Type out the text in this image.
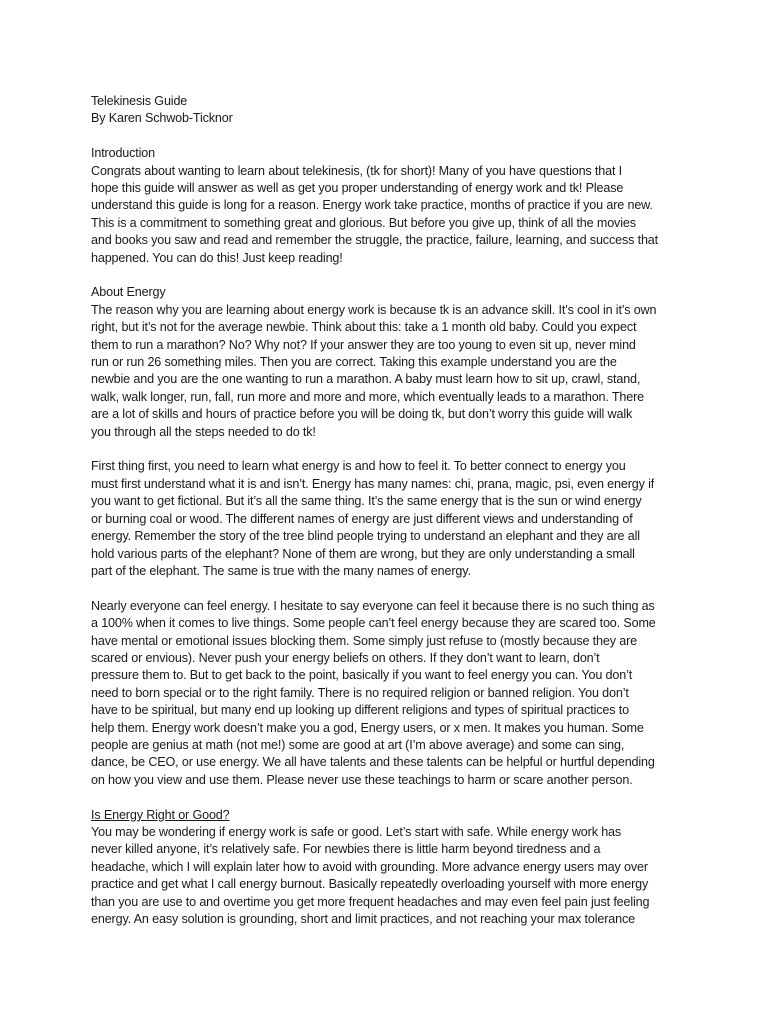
Telekinesis Guide

By Karen Schwob-Ticknor

Introduction

Congrats about wanting to learn about telekinesis, (tk for short)! Many of you have questions that I

hope this guide will answer as well as get you proper understanding of energy work and tk! Please

understand this guide is long for a reason. Energy work take practice, months of practice if you are new.

This is a commitment to something great and glorious. But before you give up, think of all the movies

and books you saw and read and remember the struggle, the practice, failure, learning, and success that

happened. You can do this! Just keep reading!

About Energy

The reason why you are learning about energy work is because tk is an advance skill. It’s cool in it’s own

right, but it’s not for the average newbie. Think about this: take a 1 month old baby. Could you expect

them to run a marathon? No? Why not? If your answer they are too young to even sit up, never mind

run or run 26 something miles. Then you are correct. Taking this example understand you are the

newbie and you are the one wanting to run a marathon. A baby must learn how to sit up, crawl, stand,

walk, walk longer, run, fall, run more and more and more, which eventually leads to a marathon. There

are a lot of skills and hours of practice before you will be doing tk, but don’t worry this guide will walk

you through all the steps needed to do tk!

First thing first, you need to learn what energy is and how to feel it. To better connect to energy you

must first understand what it is and isn’t. Energy has many names: chi, prana, magic, psi, even energy if

you want to get fictional. But it’s all the same thing. It’s the same energy that is the sun or wind energy

or burning coal or wood. The different names of energy are just different views and understanding of

energy. Remember the story of the tree blind people trying to understand an elephant and they are all

hold various parts of the elephant? None of them are wrong, but they are only understanding a small

part of the elephant. The same is true with the many names of energy.

Nearly everyone can feel energy. I hesitate to say everyone can feel it because there is no such thing as

a 100% when it comes to live things. Some people can’t feel energy because they are scared too. Some

have mental or emotional issues blocking them. Some simply just refuse to (mostly because they are

scared or envious). Never push your energy beliefs on others. If they don’t want to learn, don’t

pressure them to. But to get back to the point, basically if you want to feel energy you can. You don’t

need to born special or to the right family. There is no required religion or banned religion. You don’t

have to be spiritual, but many end up looking up different religions and types of spiritual practices to

help them. Energy work doesn’t make you a god, Energy users, or x men. It makes you human. Some

people are genius at math (not me!) some are good at art (I’m above average) and some can sing,

dance, be CEO, or use energy. We all have talents and these talents can be helpful or hurtful depending

on how you view and use them. Please never use these teachings to harm or scare another person.

Is Energy Right or Good?

You may be wondering if energy work is safe or good. Let’s start with safe. While energy work has

never killed anyone, it’s relatively safe. For newbies there is little harm beyond tiredness and a

headache, which I will explain later how to avoid with grounding. More advance energy users may over

practice and get what I call energy burnout. Basically repeatedly overloading yourself with more energy

than you are use to and overtime you get more frequent headaches and may even feel pain just feeling

energy. An easy solution is grounding, short and limit practices, and not reaching your max tolerance
